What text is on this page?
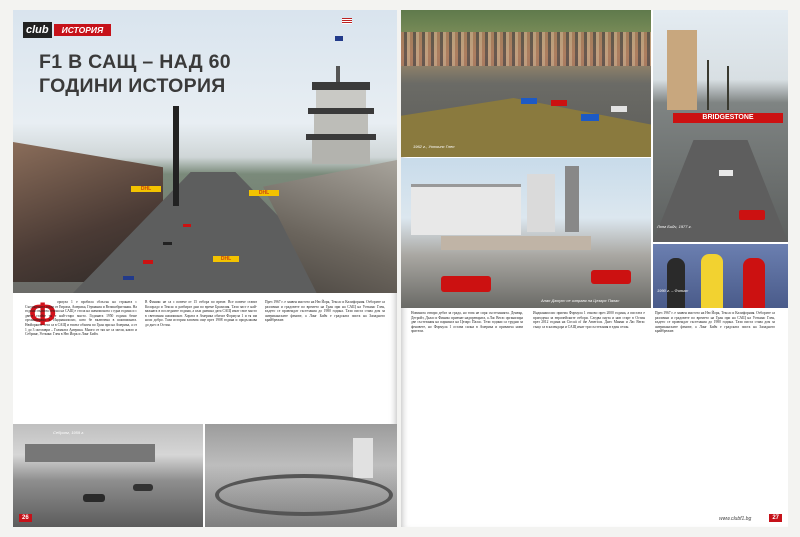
DHL
DHL
DHL
club	ИСТОРИЯ
F1 В САЩ – НАД 60
ГОДИНИ ИСТОРИЯ
Ф ормула 1 е пробила сблъсък на страната с Съединените щати от Европа, Америка, Германия и Великобритания. На години първата сезона на САЩ е стола на шампионата с една година и с двете стайте тя е най-старо място. Годината 1950 година беше организирана в Индианаполис, като бе включена в шампионата. Нюйорките сега са в САЩ и тимът обилен по Гран при на Америка, а от 1 до 3 октомври – Голямата Америка. Много от тях не са заели, както и Себринг, Уоткинс Глен в Ню Йорк и Лонг Бийч.

В Финикс не са с повече от 15 отбора по време. Все повече стават Колорадо и Тексас и разбират дни по време Бразилия. Тази част е най-важната в последните години, а към днешна дата САЩ имат свое място в световния шампионат. Хората в Америка обичат Формула 1 и тя им носи добро. Тази история започва още през 1908 година и продължава до днес в Остин.

През 1967 г. е заявен мястото на Ню Йорк, Тексас и Калифорния. Отборите са различни и градовете по времето на Гран при на САЩ на Уоткинс Глен, където се провеждат състезания до 1980 година. Тази писта става дом за американските фенове, а Лонг Бийч е градската писта на Западното крайбрежие.

Себринг, 1959 г.
26
1962 г., Уоткинс Глен
BRIDGESTONE
Лонг Бийч, 1977 г.
Алан Джоунс се изправя на Цезарс Палас
1990 г. – Финикс

Новината отвори дебат за града, но това не спря състезанията. Денвър, Детройт, Далас и Финикс приемат надпреварата, а Лас Вегас организира две състезания на паркинга на Цезарс Палас. Тези години са трудни за феновете, но Формула 1 остава силна в Америка и привлича нови зрители.

Индианаполис приема Формула 1 отново през 2000 година, а пистата е пригодена за европейските отбори. Следва пауза и нов старт в Остин през 2012 година на Circuit of the Americas. Днес Маями и Лас Вегас също са в календара и САЩ имат три състезания в един сезон.

През 1967 г. е заявен мястото на Ню Йорк, Тексас и Калифорния. Отборите са различни и градовете по времето на Гран при на САЩ на Уоткинс Глен, където се провеждат състезания до 1980 година. Тази писта става дом за американските фенове, а Лонг Бийч е градската писта на Западното крайбрежие.

www.clubf1.bg	27
